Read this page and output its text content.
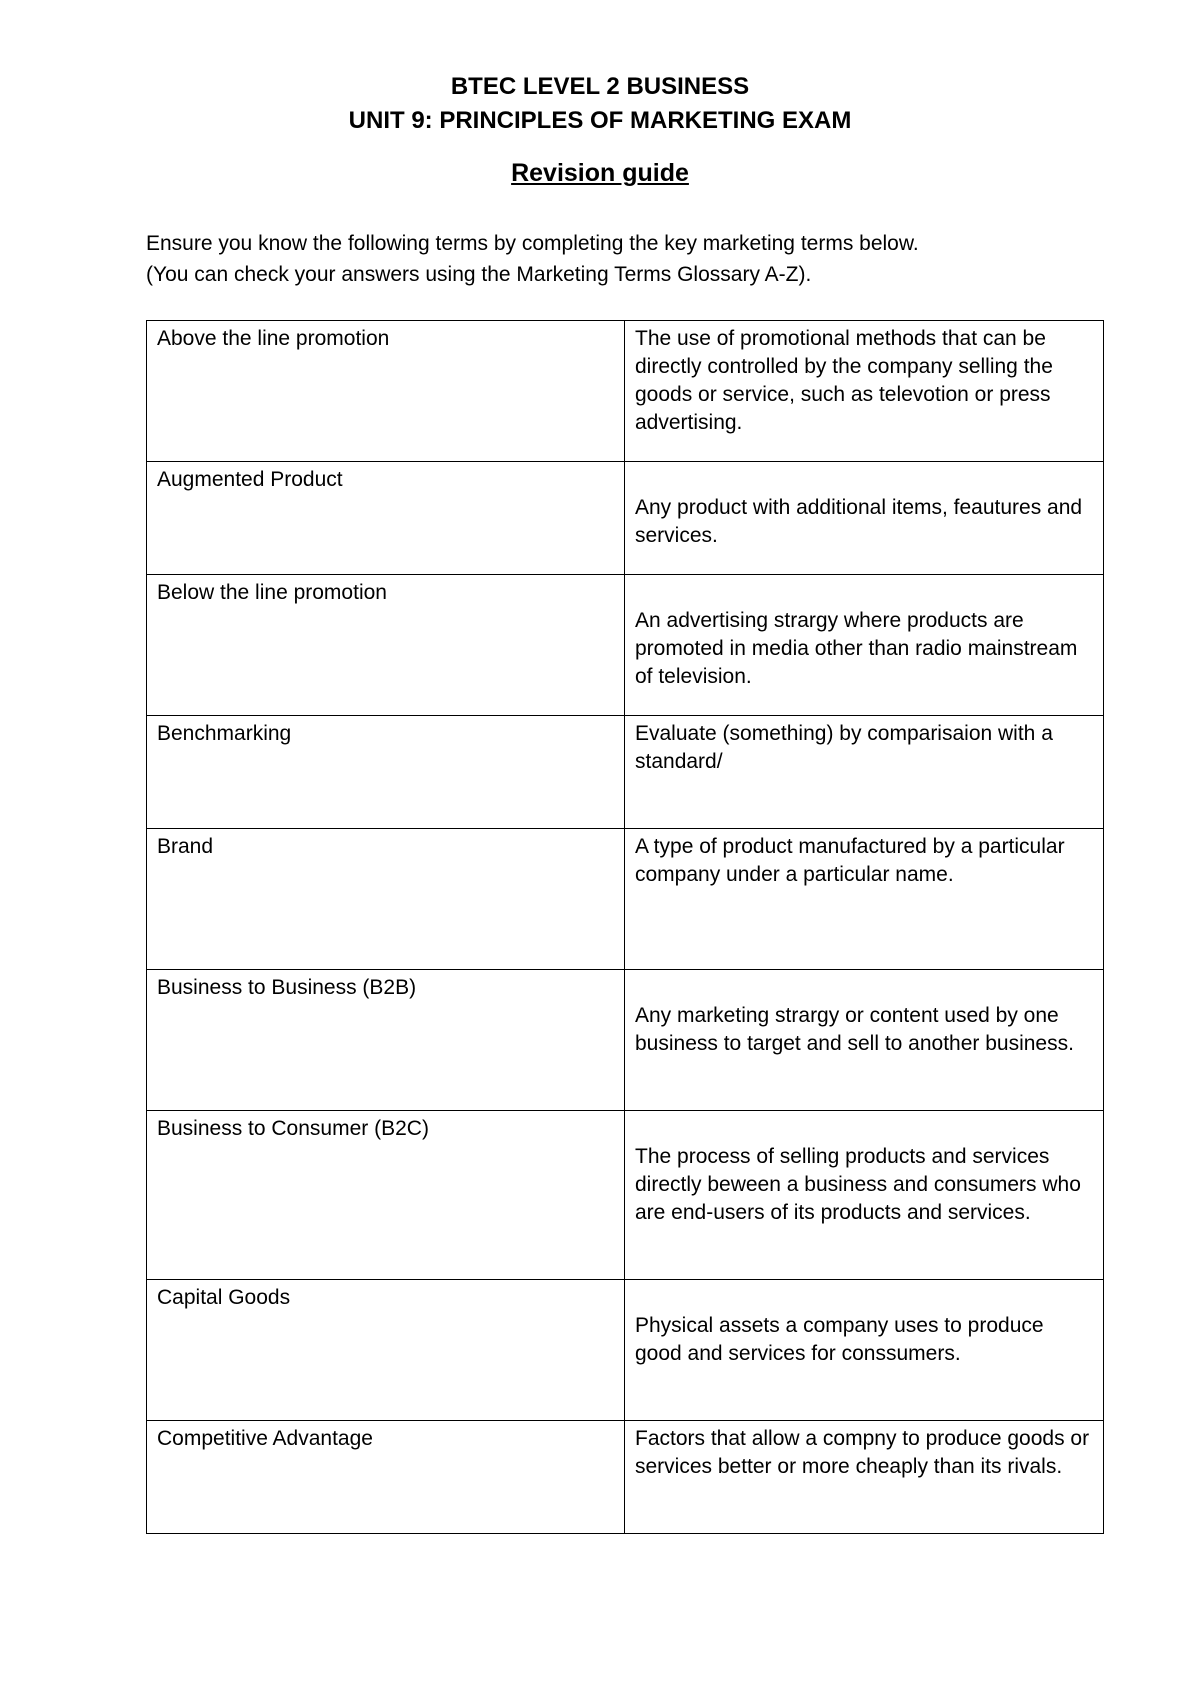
BTEC LEVEL 2 BUSINESS

UNIT 9: PRINCIPLES OF MARKETING EXAM

Revision guide

Ensure you know the following terms by completing the key marketing terms below.

(You can check your answers using the Marketing Terms Glossary A-Z).

Above the line promotion	The use of promotional methods that can be directly controlled by the company selling the goods or service, such as televotion or press advertising.
Augmented Product	Any product with additional items, feautures and services.
Below the line promotion	An advertising strargy where products are promoted in media other than radio mainstream of television.
Benchmarking	Evaluate (something) by comparisaion with a standard/
Brand	A type of product manufactured by a particular company under a particular name.
Business to Business (B2B)	Any marketing strargy or content used by one business to target and sell to another business.
Business to Consumer (B2C)	The process of selling products and services directly beween a business and consumers who are end-users of its products and services.
Capital Goods	Physical assets a company uses to produce good and services for conssumers.
Competitive Advantage	Factors that allow a compny to produce goods or services better or more cheaply than its rivals.
